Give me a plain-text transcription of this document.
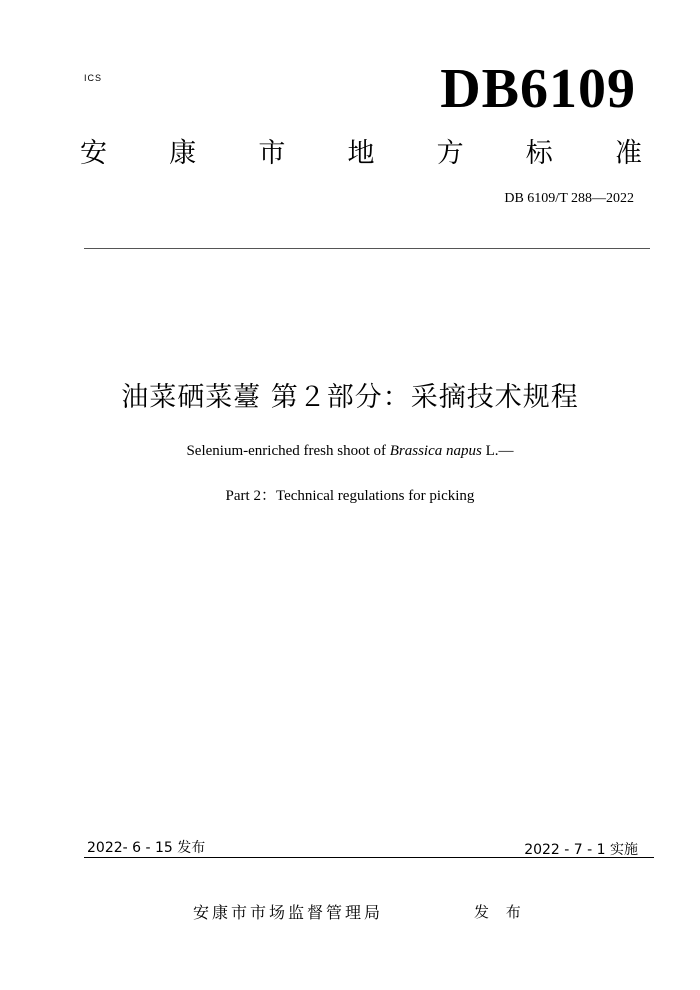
ICS	DB6109
安 康 市 地 方 标 准
DB 6109/T 288—2022
油菜硒菜薹 第２部分：采摘技术规程
Selenium-enriched fresh shoot of Brassica napus L.—
Part 2：Technical regulations for picking
2022- 6 - 15 发布	2022 - 7 - 1 实施
安康市市场监督管理局	发 布
